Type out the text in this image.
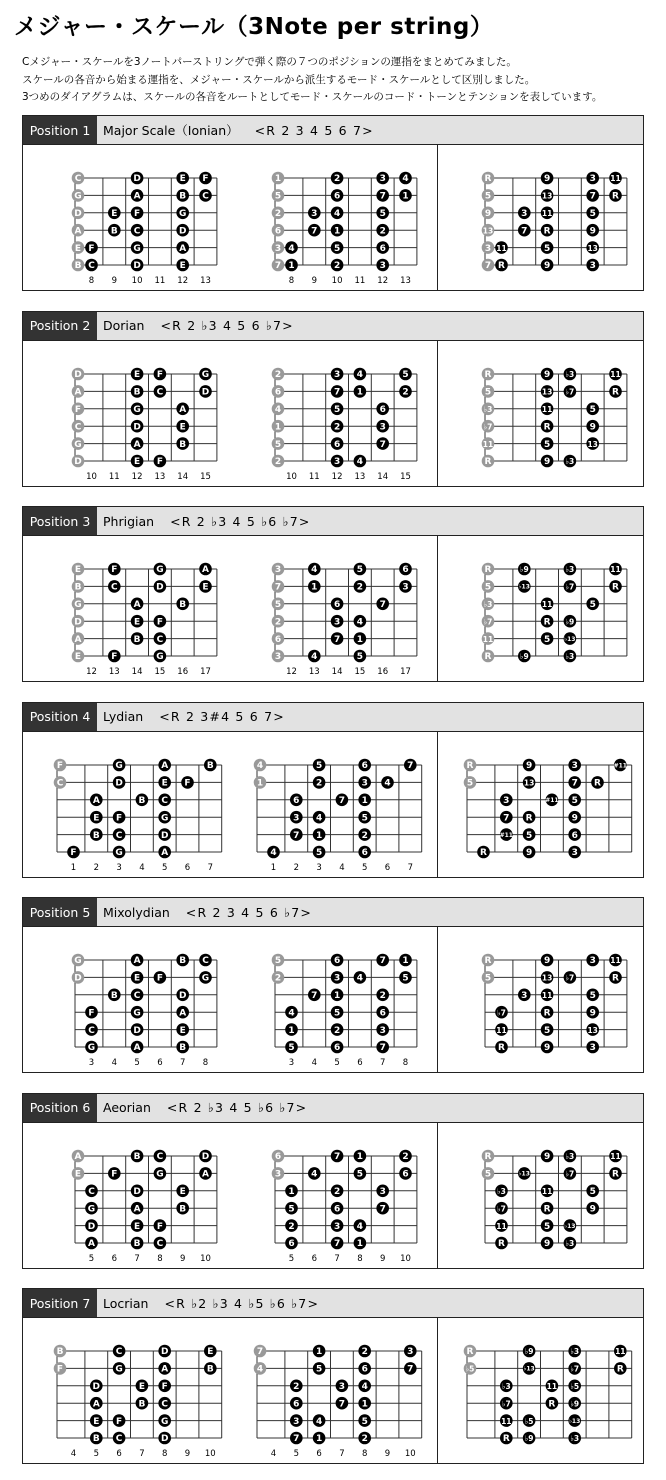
メジャー・スケール（3Note per string）
Cメジャー・スケールを3ノートパーストリングで弾く際の７つのポジションの運指をまとめてみました。
スケールの各音から始まる運指を、メジャー・スケールから派生するモード・スケールとして区別しました。
3つめのダイアグラムは、スケールの各音をルートとしてモード・スケールのコード・トーンとテンションを表しています。
Position 1	Major Scale（Ionian） <R 2 3 4 5 6 7>
8 9 10 11 12 13
C
G
D
A
E
B
D	E F
A	B C
E F	G
B C	D
F	G	A
C	D	E
8 9 10 11 12 13
1
5
2
6
3
7
2	3 4
6	7 1
3 4	5
7 1	2
4	5	6
1	2	3
R
5
9
13
3
7
9	3 11
13	7 R
3 11	5
7 R	9
11	5	13
R	9	3
Position 2	Dorian <R 2 ♭3 4 5 6 ♭7>
10 11 12 13 14 15
D
A
F
C
G
D
E F	G
B C	D
G	A
D	E
A	B
E F
10 11 12 13 14 15
2
6
4
1
5
2
3 4	5
7 1	2
5	6
2	3
6	7
3 4
R
5
♭3
♭7
11
R
9 ♭3	11
13 ♭7	R
11	5
R	9
5	13
9 ♭3
Position 3	Phrigian <R 2 ♭3 4 5 ♭6 ♭7>
12 13 14 15 16 17
E
B
G
D
A
E
F	G	A
C	D	E
A	B
E F
B C
F	G
12 13 14 15 16 17
3
7
5
2
6
3
4	5	6
1	2	3
6	7
3 4
7 1
4	5
R
5
♭3
♭7
11
R
♭9	♭3	11
♭13	♭7	R
11	5
R ♭9
5 ♭13
♭9	♭3
Position 4	Lydian <R 2 3#4 5 6 7>
1 2 3 4 5 6 7
F
C
G	A	B
D	E F
A	B C
E F	G
B C	D
F	G	A
1 2 3 4 5 6 7
4
1
5	6	7
2	3 4
6	7 1
3 4	5
7 1	2
4	5	6
R
5
9	3	#11
13	7 R
3	#11 5
7 R	9
#11 5	6
R	9	3
Position 5	Mixolydian <R 2 3 4 5 6 ♭7>
3 4 5 6 7 8
G
D
A	B C
E F	G
B C	D
F	G	A
C	D	E
G	A	B
3 4 5 6 7 8
5
2
6	7 1
3 4	5
7 1	2
4	5	6
1	2	3
5	6	7
R
5
9	3 11
13 ♭7	R
3 11	5
♭7	R	9
11	5	13
R	9	3
Position 6	Aeorian <R 2 ♭3 4 5 ♭6 ♭7>
5 6 7 8 9 10
A
E
B C	D
F	G	A
C	D	E
G	A	B
D	E F
A	B C
5 6 7 8 9 10
6
3
7 1	2
4	5	6
1	2	3
5	6	7
2	3 4
6	7 1
R
5
9 ♭3	11
♭13	♭7	R
♭3	11	5
♭7	R	9
11	5 ♭13
R	9 ♭3
Position 7	Locrian <R ♭2 ♭3 4 ♭5 ♭6 ♭7>
4 5 6 7 8 9 10
B
F
C	D	E
G	A	B
D	E F
A	B C
E F	G
B C	D
4 5 6 7 8 9 10
7
4
1	2	3
5	6	7
2	3 4
6	7 1
3 4	5
7 1	2
R
♭5
♭9	♭3	11
♭13	♭7	R
♭3	11 ♭5
♭7	R ♭9
11 ♭5	♭13
R ♭9	♭3
